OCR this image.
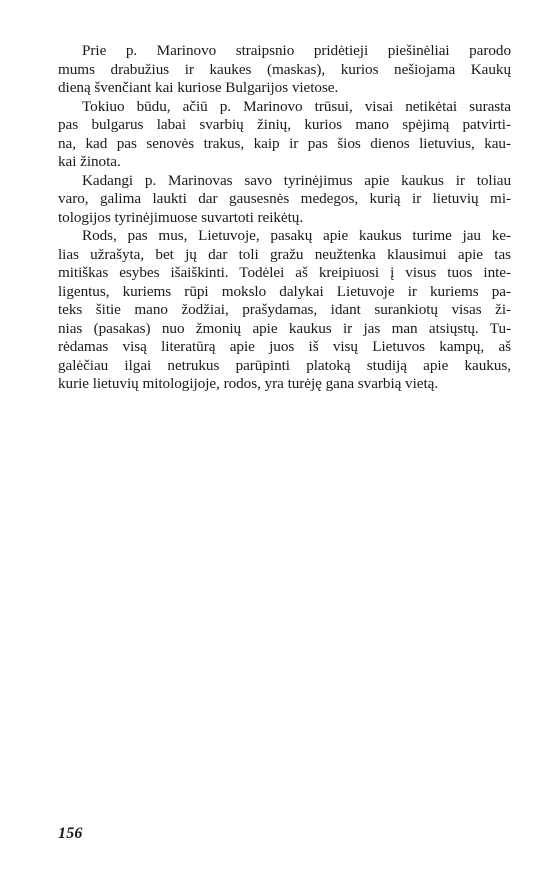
Prie p. Marinovo straipsnio pridėtieji piešinėliai parodo
mums drabužius ir kaukes (maskas), kurios nešiojama Kaukų
dieną švenčiant kai kuriose Bulgarijos vietose.

Tokiuo būdu, ačiū p. Marinovo trūsui, visai netikėtai surasta
pas bulgarus labai svarbių žinių, kurios mano spėjimą patvirti-
na, kad pas senovės trakus, kaip ir pas šios dienos lietuvius, kau-
kai žinota.

Kadangi p. Marinovas savo tyrinėjimus apie kaukus ir toliau
varo, galima laukti dar gausesnės medegos, kurią ir lietuvių mi-
tologijos tyrinėjimuose suvartoti reikėtų.

Rods, pas mus, Lietuvoje, pasakų apie kaukus turime jau ke-
lias užrašyta, bet jų dar toli gražu neužtenka klausimui apie tas
mitiškas esybes išaiškinti. Todėlei aš kreipiuosi į visus tuos inte-
ligentus, kuriems rūpi mokslo dalykai Lietuvoje ir kuriems pa-
teks šitie mano žodžiai, prašydamas, idant surankiotų visas ži-
nias (pasakas) nuo žmonių apie kaukus ir jas man atsiųstų. Tu-
rėdamas visą literatūrą apie juos iš visų Lietuvos kampų, aš
galėčiau ilgai netrukus parūpinti platoką studiją apie kaukus,
kurie lietuvių mitologijoje, rodos, yra turėję gana svarbią vietą.

156
